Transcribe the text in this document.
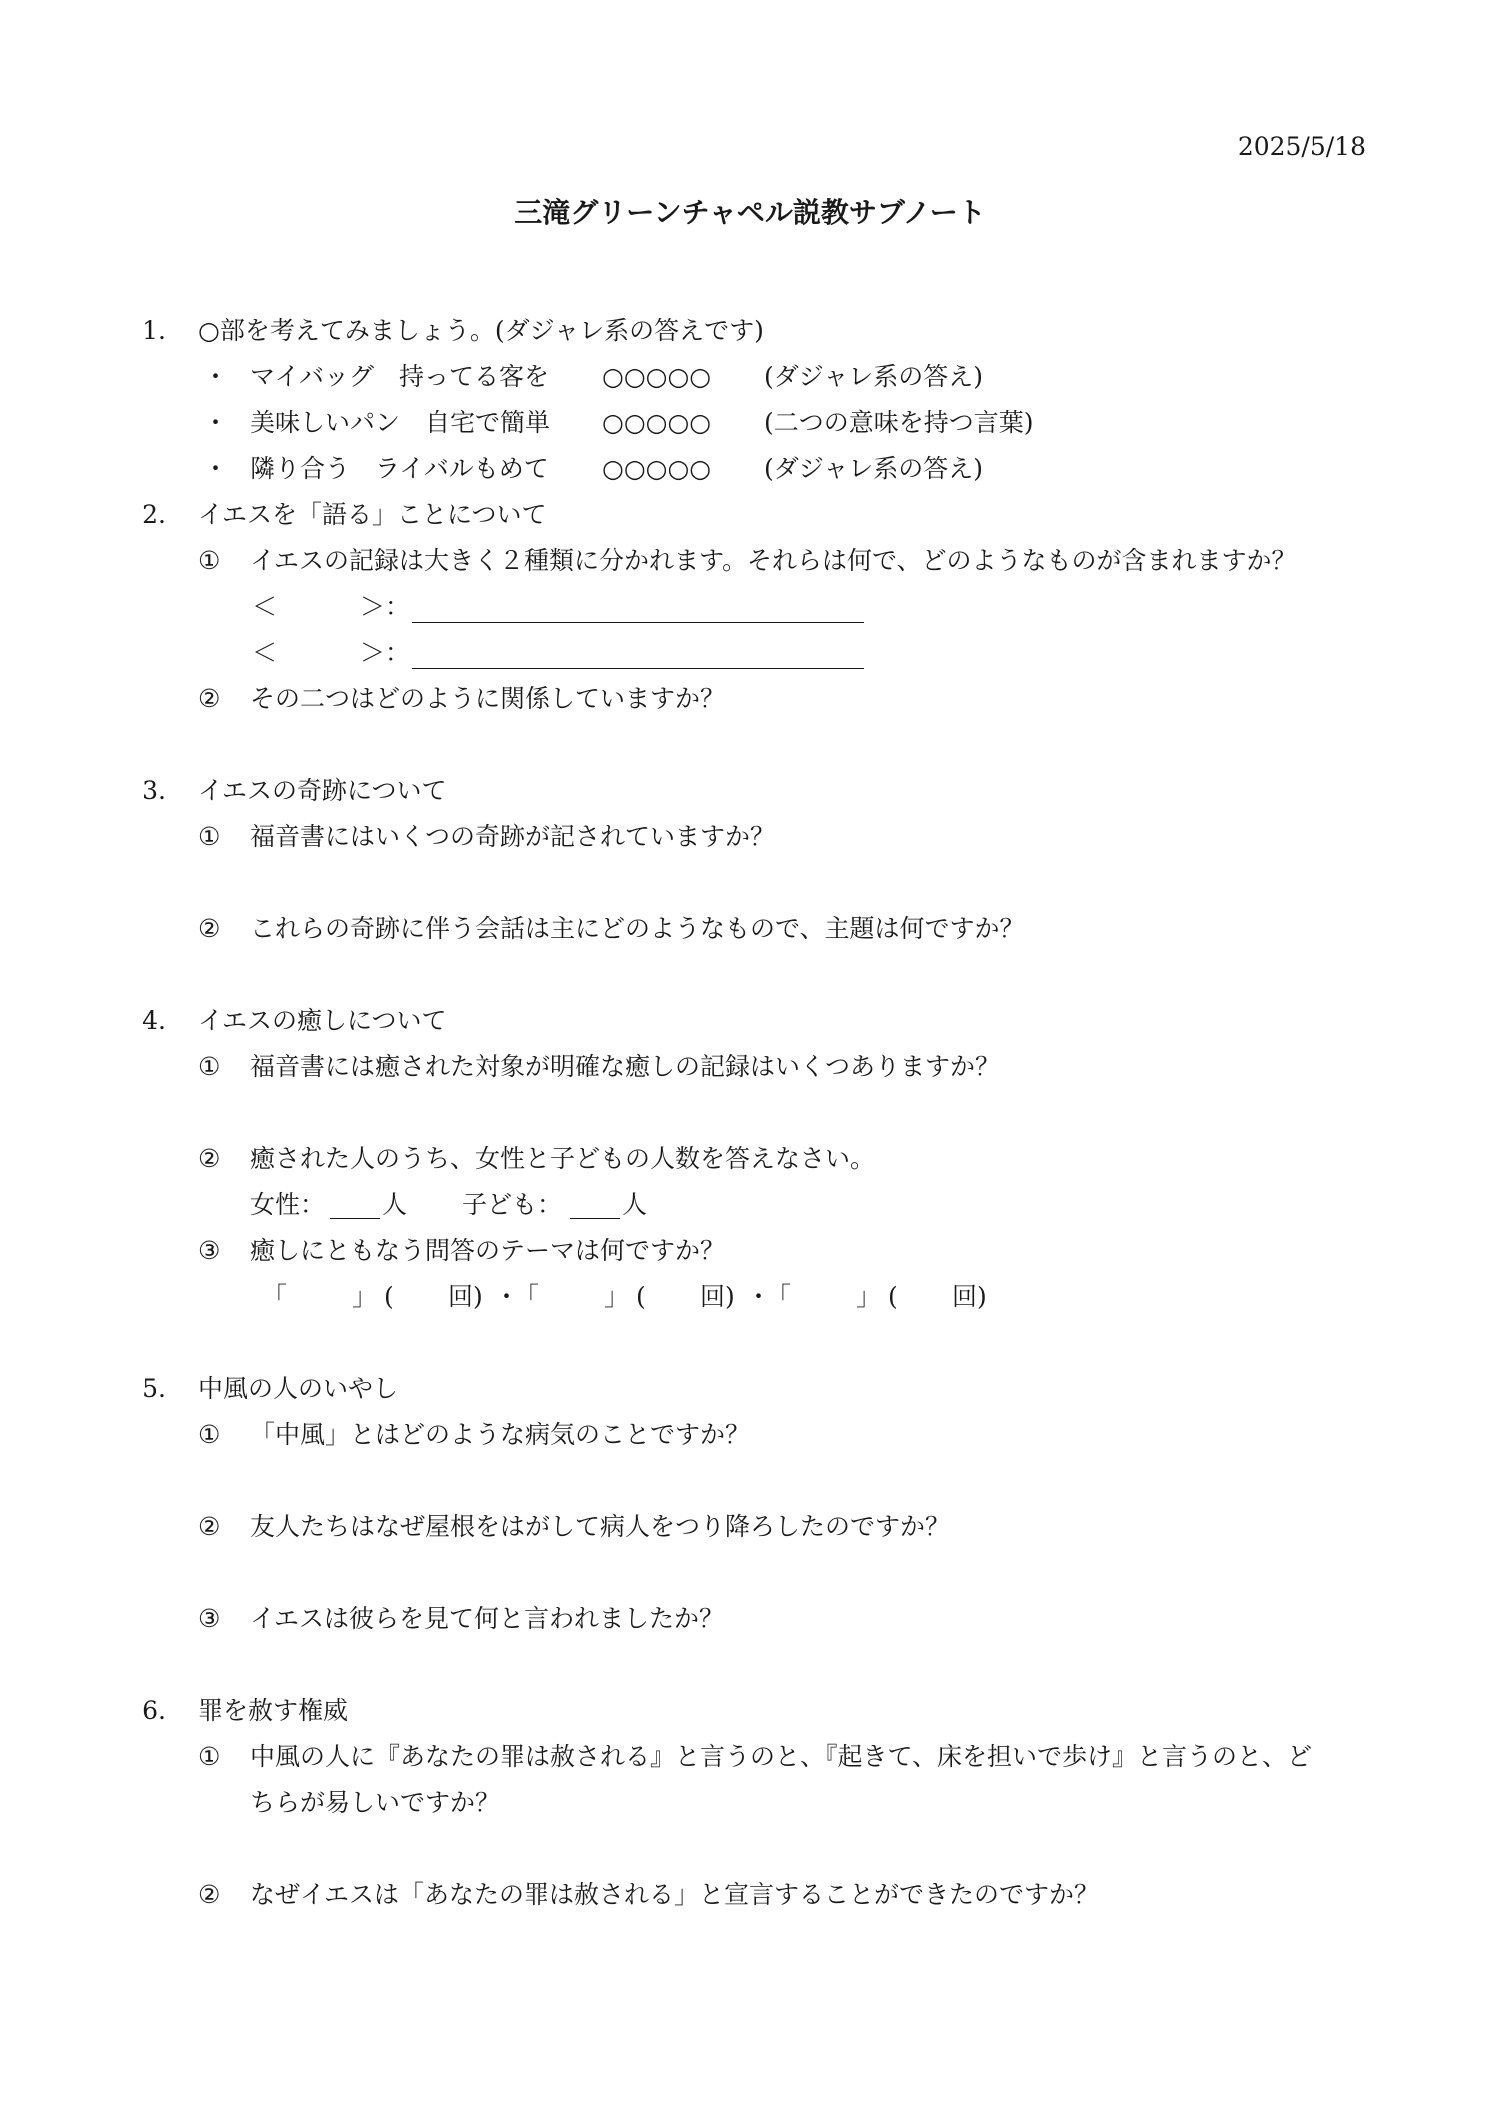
2025/5/18
三滝グリーンチャペル説教サブノート
1. ○部を考えてみましょう。(ダジャレ系の答えです)
・ マイバッグ　持ってる客を ○○○○○ (ダジャレ系の答え)
・ 美味しいパン　自宅で簡単 ○○○○○ (二つの意味を持つ言葉)
・ 隣り合う　ライバルもめて ○○○○○ (ダジャレ系の答え)
2. イエスを「語る」ことについて
① イエスの記録は大きく２種類に分かれます。それらは何で、どのようなものが含まれますか？
＜	＞：
＜	＞：
② その二つはどのように関係していますか？
3. イエスの奇跡について
① 福音書にはいくつの奇跡が記されていますか？
② これらの奇跡に伴う会話は主にどのようなもので、主題は何ですか？
4. イエスの癒しについて
① 福音書には癒された対象が明確な癒しの記録はいくつありますか？
② 癒された人のうち、女性と子どもの人数を答えなさい。
女性： 人 子ども： 人
③ 癒しにともなう問答のテーマは何ですか？
「	」 ( 回) ・
「	」 ( 回) ・
「	」 ( 回)
5. 中風の人のいやし
① 「中風」とはどのような病気のことですか？
② 友人たちはなぜ屋根をはがして病人をつり降ろしたのですか？
③ イエスは彼らを見て何と言われましたか？
6. 罪を赦す権威
① 中風の人に『あなたの罪は赦される』と言うのと、『起きて、床を担いで歩け』と言うのと、ど
ちらが易しいですか？
② なぜイエスは「あなたの罪は赦される」と宣言することができたのですか？
